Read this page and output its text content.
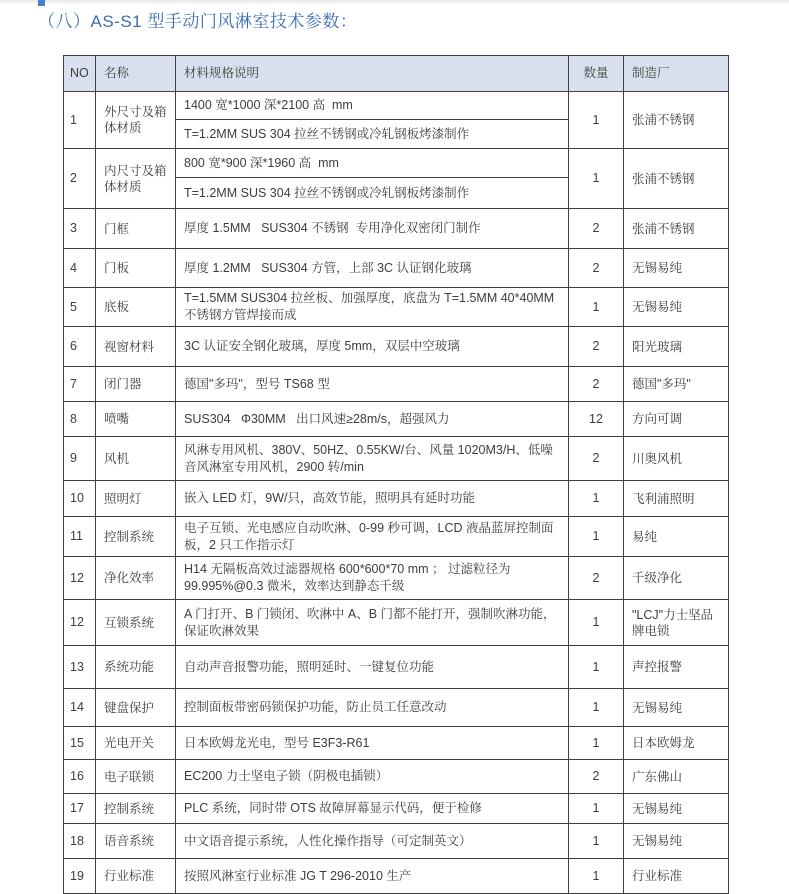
（八）AS-S1 型手动门风淋室技术参数：
NO	名称	材料规格说明	数量	制造厂
1	外尺寸及箱体材质	1400 宽*1000 深*2100 高  mm	1	张浦不锈钢
		T=1.2MM SUS 304 拉丝不锈钢或冷轧钢板烤漆制作		
2	内尺寸及箱体材质	800 宽*900 深*1960 高  mm	1	张浦不锈钢
		T=1.2MM SUS 304 拉丝不锈钢或冷轧钢板烤漆制作		
3	门框	厚度 1.5MM   SUS304 不锈钢  专用净化双密闭门制作	2	张浦不锈钢
4	门板	厚度 1.2MM   SUS304 方管，上部 3C 认证钢化玻璃	2	无锡易纯
5	底板	T=1.5MM SUS304 拉丝板、加强厚度，底盘为 T=1.5MM 40*40MM 不锈钢方管焊接而成	1	无锡易纯
6	视窗材料	3C 认证安全钢化玻璃，厚度 5mm，双层中空玻璃	2	阳光玻璃
7	闭门器	德国"多玛"，型号 TS68 型	2	德国"多玛"
8	喷嘴	SUS304   Φ30MM   出口风速≥28m/s，超强风力	12	方向可调
9	风机	风淋专用风机、380V、50HZ、0.55KW/台、风量 1020M3/H、低噪音风淋室专用风机，2900 转/min	2	川奥风机
10	照明灯	嵌入 LED 灯，9W/只，高效节能，照明具有延时功能	1	飞利浦照明
11	控制系统	电子互锁、光电感应自动吹淋、0-99 秒可调，LCD 液晶蓝屏控制面板，2 只工作指示灯	1	易纯
12	净化效率	H14 无隔板高效过滤器规格 600*600*70 mm ； 过滤粒径为 99.995%@0.3 微米，效率达到静态千级	2	千级净化
12	互锁系统	A 门打开、B 门锁闭、吹淋中 A、B 门都不能打开，强制吹淋功能，保证吹淋效果	1	"LCJ"力士坚品牌电锁
13	系统功能	自动声音报警功能，照明延时、一键复位功能	1	声控报警
14	键盘保护	控制面板带密码锁保护功能，防止员工任意改动	1	无锡易纯
15	光电开关	日本欧姆龙光电，型号 E3F3-R61	1	日本欧姆龙
16	电子联锁	EC200 力士坚电子锁（阴极电插锁）	2	广东佛山
17	控制系统	PLC 系统，同时带 OTS 故障屏幕显示代码，便于检修	1	无锡易纯
18	语音系统	中文语音提示系统，人性化操作指导（可定制英文）	1	无锡易纯
19	行业标准	按照风淋室行业标准 JG T 296-2010 生产	1	行业标准
